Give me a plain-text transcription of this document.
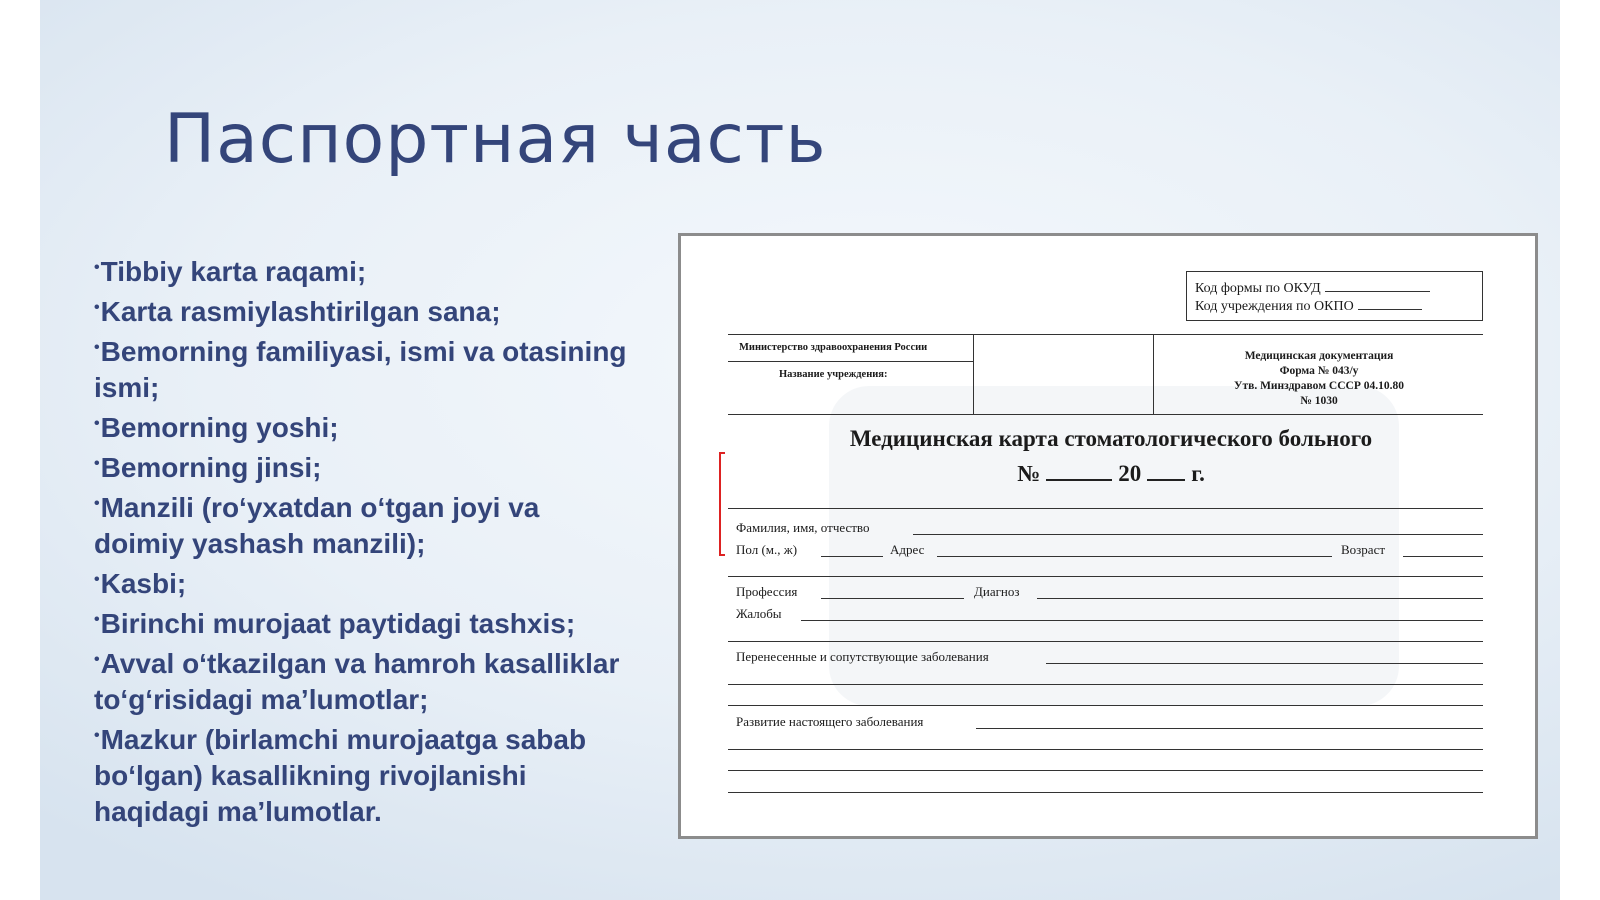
Паспортная часть
•Tibbiy karta raqami;
•Karta rasmiylashtirilgan sana;
•Bemorning familiyasi, ismi va otasining ismi;
•Bemorning yoshi;
•Bemorning jinsi;
•Manzili (ro‘yxatdan o‘tgan joyi va doimiy yashash manzili);
•Kasbi;
•Birinchi murojaat paytidagi tashxis;
•Avval o‘tkazilgan va hamroh kasalliklar to‘g‘risidagi ma’lumotlar;
•Mazkur (birlamchi murojaatga sabab bo‘lgan) kasallikning rivojlanishi haqidagi ma’lumotlar.
Код формы по ОКУД
Код учреждения по ОКПО
Министерство здравоохранения России
Название учреждения:
Медицинская документация
Форма № 043/у
Утв. Минздравом СССР 04.10.80
№ 1030
Медицинская карта стоматологического больного
№	20 г.
Фамилия, имя, отчество
Пол (м., ж)	Адрес	Возраст
Профессия	Диагноз
Жалобы
Перенесенные и сопутствующие заболевания
Развитие настоящего заболевания
